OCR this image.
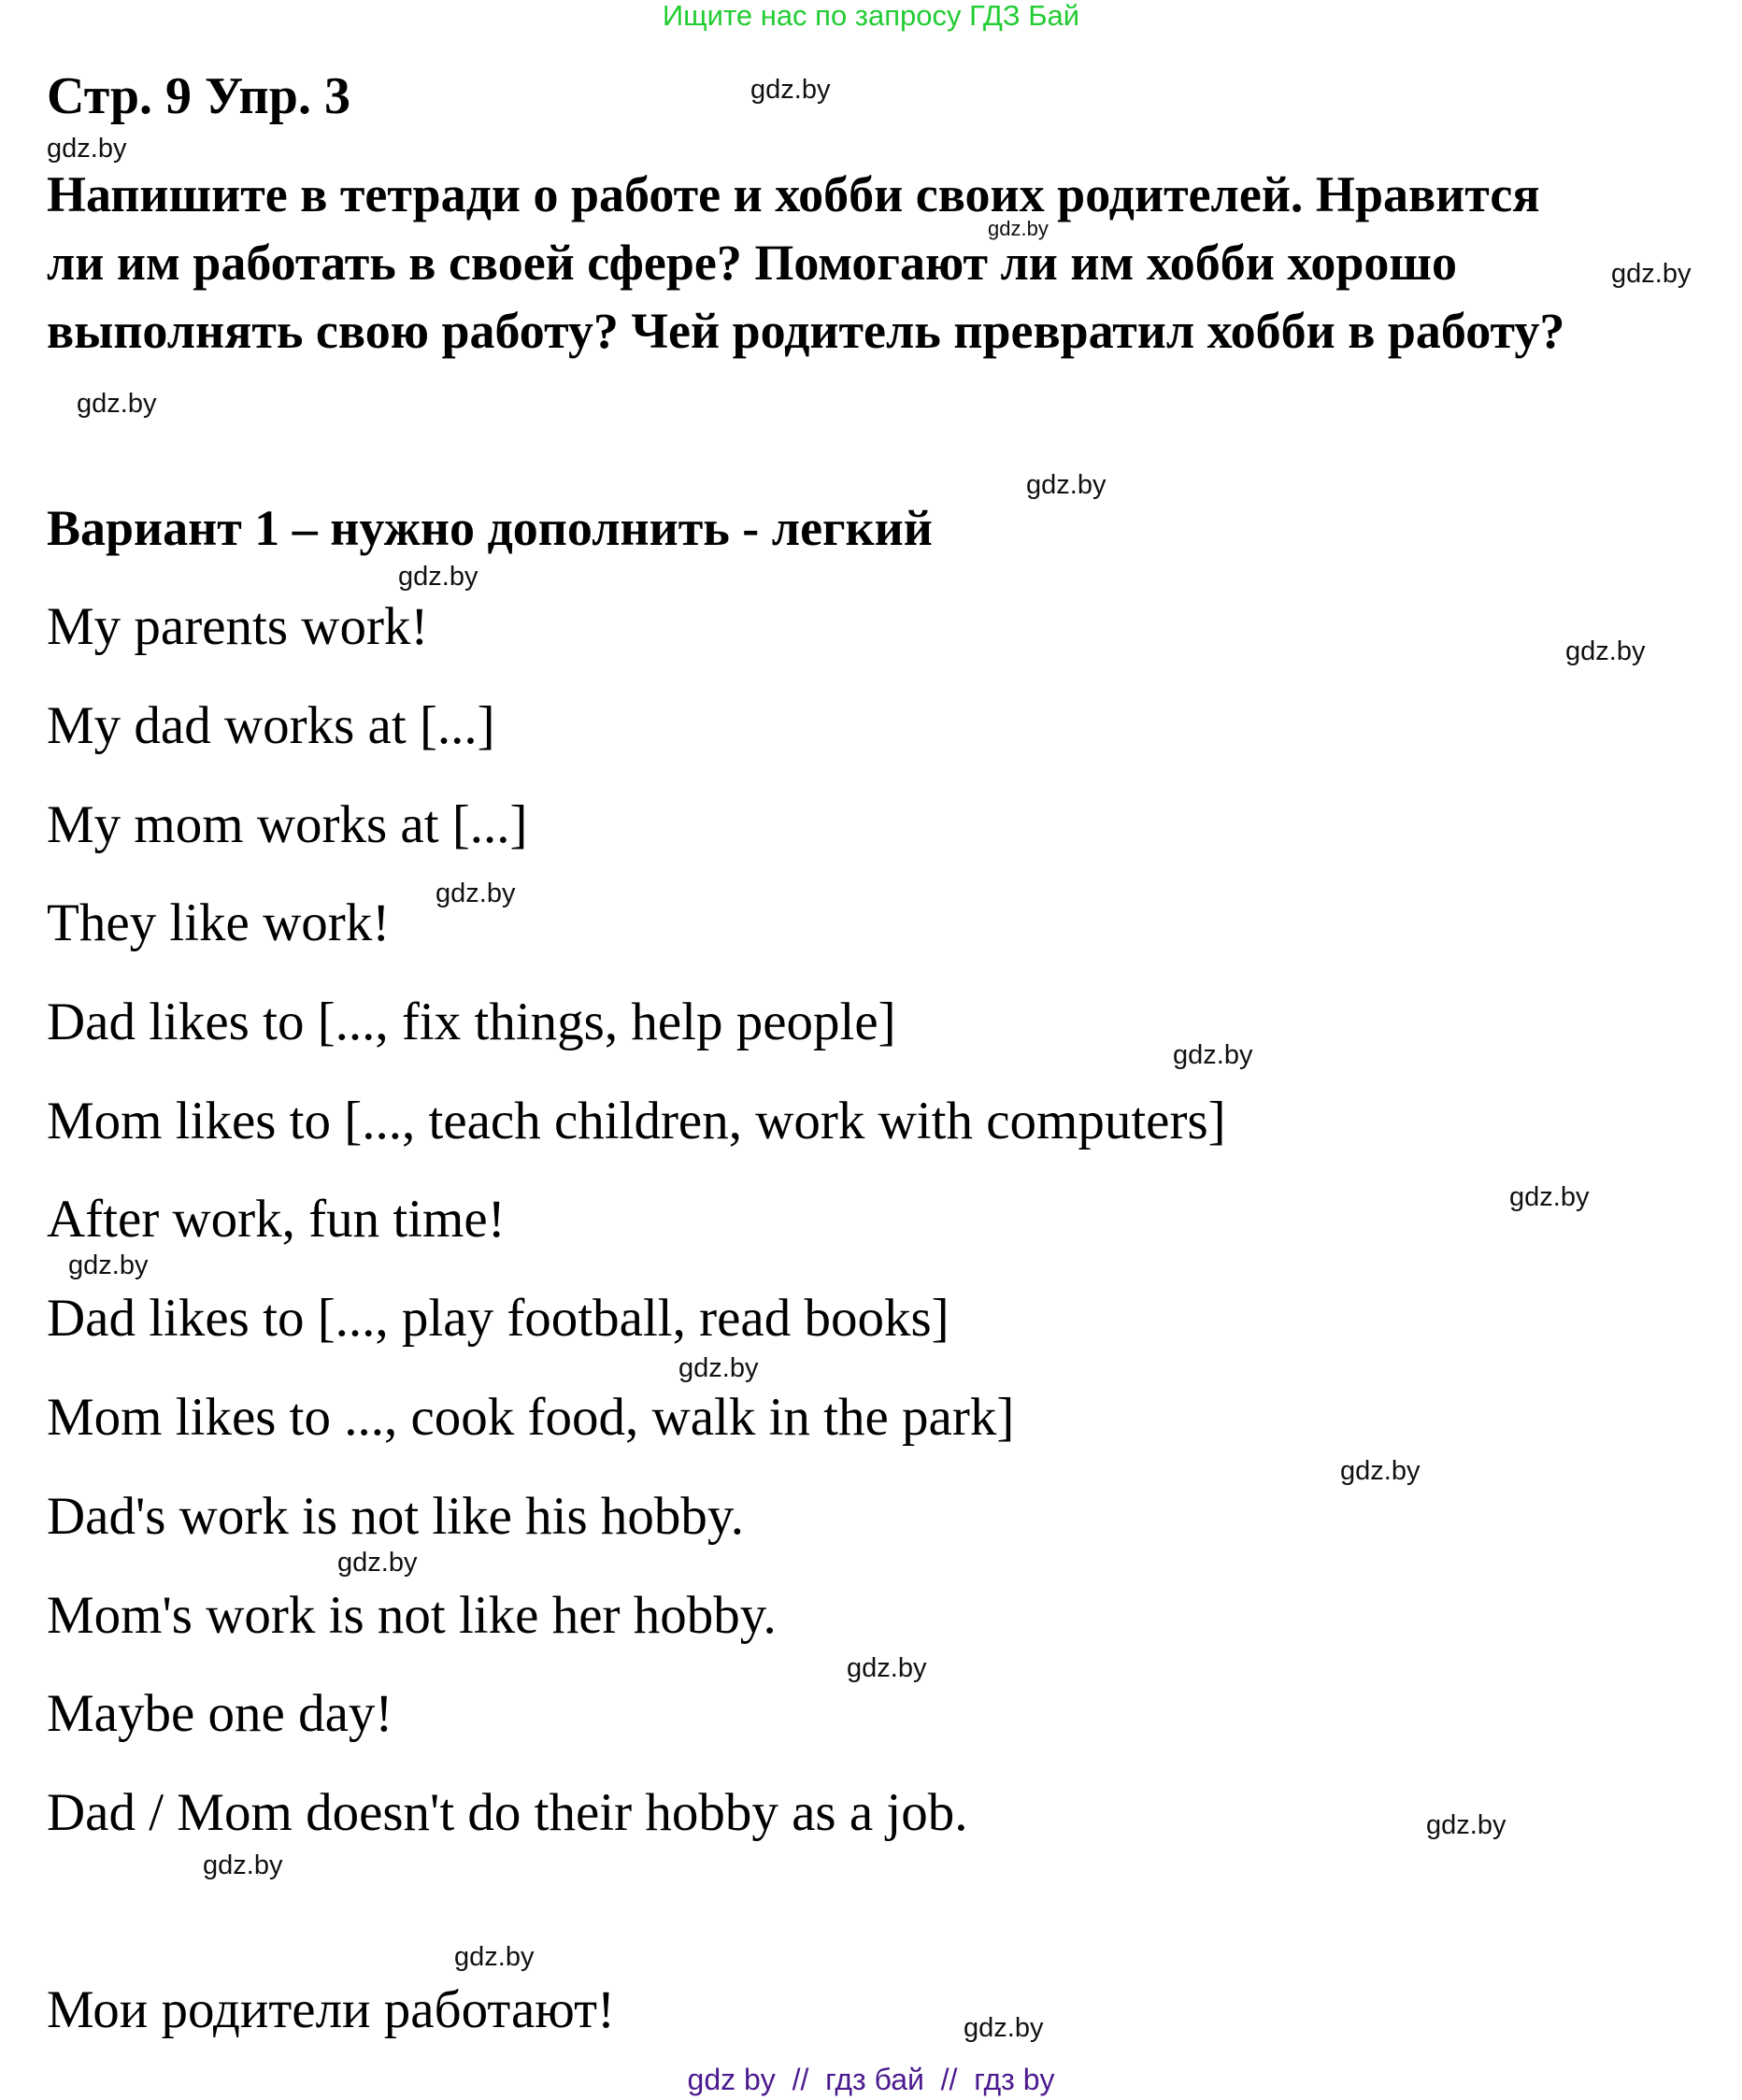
Ищите нас по запросу ГДЗ Бай
Стр. 9 Упр. 3
Напишите в тетради о работе и хобби своих родителей. Нравится
ли им работать в своей сфере? Помогают ли им хобби хорошо
выполнять свою работу? Чей родитель превратил хобби в работу?
Вариант 1 – нужно дополнить - легкий
My parents work!
My dad works at [...]
My mom works at [...]
They like work!
Dad likes to [..., fix things, help people]
Mom likes to [..., teach children, work with computers]
After work, fun time!
Dad likes to [..., play football, read books]
Mom likes to ..., cook food, walk in the park]
Dad's work is not like his hobby.
Mom's work is not like her hobby.
Maybe one day!
Dad / Mom doesn't do their hobby as a job.
Мои родители работают!
gdz.by
gdz.by
gdz.by
gdz.by
gdz.by
gdz.by
gdz.by
gdz.by
gdz.by
gdz.by
gdz.by
gdz.by
gdz.by
gdz.by
gdz.by
gdz.by
gdz.by
gdz.by
gdz.by
gdz.by
gdz by  //  гдз бай  //  гдз by
